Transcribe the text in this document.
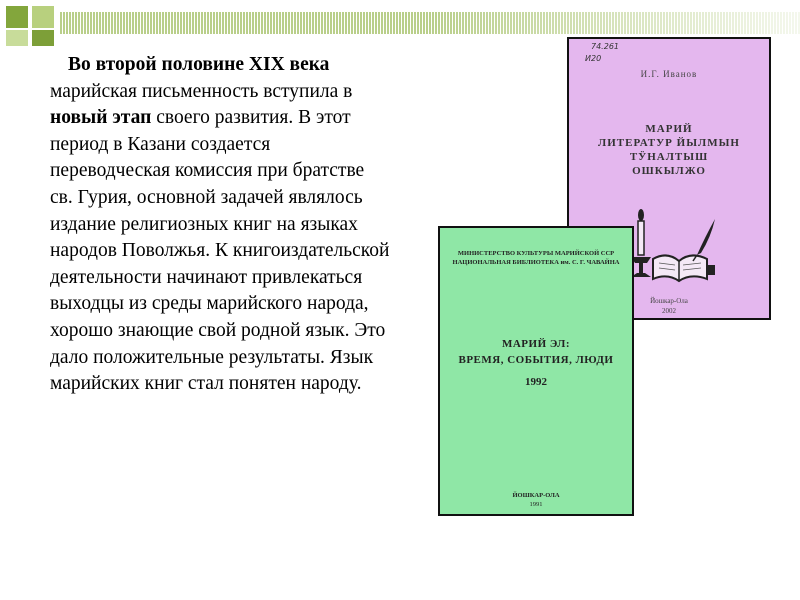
Во второй половине XIX века марийская письменность вступила в новый этап своего развития. В этот период в Казани создается переводческая комиссия при братстве св. Гурия, основной задачей являлось издание религиозных книг на языках народов Поволжья. К книгоиздательской деятельности начинают привлекаться выходцы из среды марийского народа, хорошо знающие свой родной язык. Это дало положительные результаты. Язык марийских книг стал понятен народу.
74.261
И20
И.Г. Иванов
МАРИЙ
ЛИТЕРАТУР ЙЫЛМЫН
ТӰНАЛТЫШ
ОШКЫЛЖО
Йошкар-Ола
2002
МИНИСТЕРСТВО КУЛЬТУРЫ МАРИЙСКОЙ ССР
НАЦИОНАЛЬНАЯ БИБЛИОТЕКА им. С. Г. ЧАВАЙНА
МАРИЙ ЭЛ:
ВРЕМЯ, СОБЫТИЯ, ЛЮДИ
1992
ЙОШКАР-ОЛА
1991
